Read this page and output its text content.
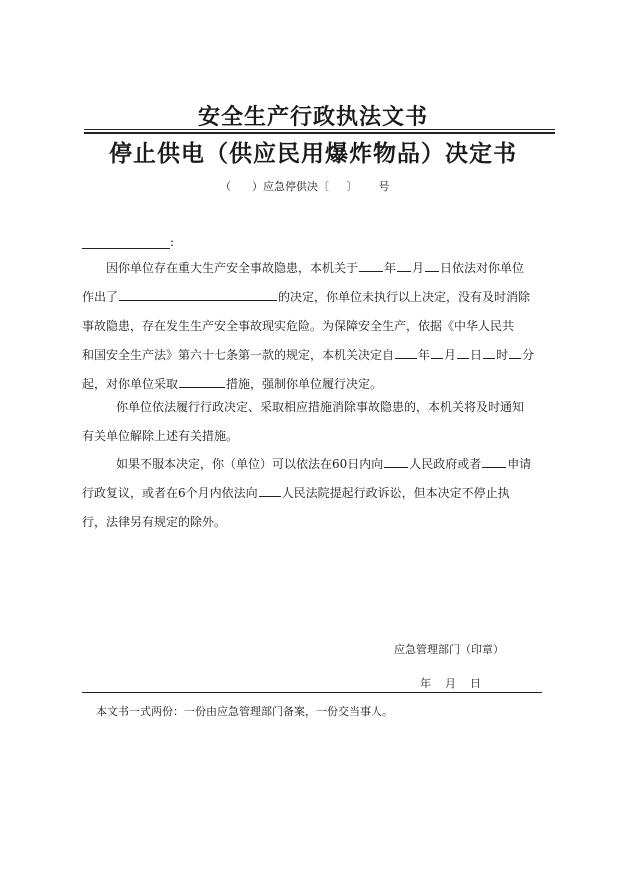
安全生产行政执法文书
停止供电（供应民用爆炸物品）决定书
（      ）应急停供决〔     〕      号
:
因你单位存在重大生产安全事故隐患，本机关于 年 月 日依法对你单位
作出了	的决定，你单位未执行以上决定，没有及时消除
事故隐患，存在发生生产安全事故现实危险。为保障安全生产，依据《中华人民共
和国安全生产法》第六十七条第一款的规定，本机关决定自 年 月 日 时 分
起，对你单位采取	措施，强制你单位履行决定。
你单位依法履行行政决定、采取相应措施消除事故隐患的，本机关将及时通知
有关单位解除上述有关措施。
如果不服本决定，你（单位）可以依法在60日内向 人民政府或者 申请
行政复议，或者在6个月内依法向 人民法院提起行政诉讼，但本决定不停止执
行，法律另有规定的除外。
应急管理部门（印章）
年    月    日
本文书一式两份：一份由应急管理部门备案，一份交当事人。
